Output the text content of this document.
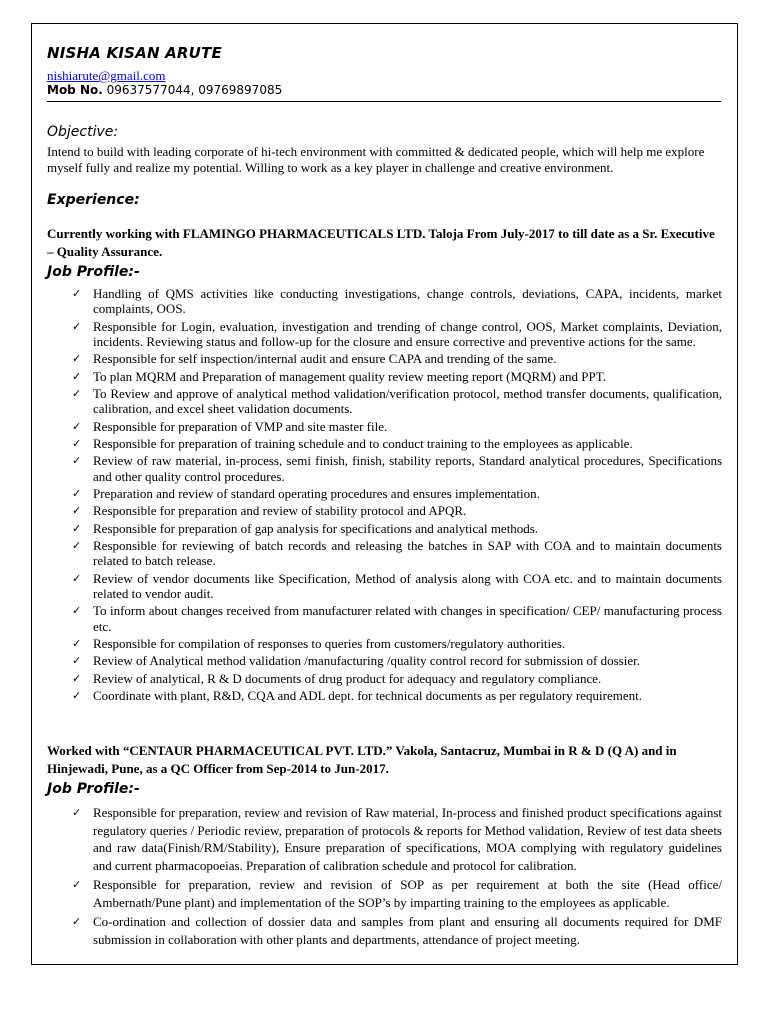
NISHA KISAN ARUTE
nishiarute@gmail.com
Mob No. 09637577044, 09769897085
Objective:
Intend to build with leading corporate of hi-tech environment with committed & dedicated people, which will help me explore myself fully and realize my potential. Willing to work as a key player in challenge and creative environment.
Experience:
Currently working with FLAMINGO PHARMACEUTICALS LTD. Taloja From July-2017 to till date as a Sr. Executive – Quality Assurance.
Job Profile:-
✓ Handling of QMS activities like conducting investigations, change controls, deviations, CAPA, incidents, market complaints, OOS.
✓ Responsible for Login, evaluation, investigation and trending of change control, OOS, Market complaints, Deviation, incidents. Reviewing status and follow-up for the closure and ensure corrective and preventive actions for the same.
✓ Responsible for self inspection/internal audit and ensure CAPA and trending of the same.
✓ To plan MQRM and Preparation of management quality review meeting report (MQRM) and PPT.
✓ To Review and approve of analytical method validation/verification protocol, method transfer documents, qualification, calibration, and excel sheet validation documents.
✓ Responsible for preparation of VMP and site master file.
✓ Responsible for preparation of training schedule and to conduct training to the employees as applicable.
✓ Review of raw material, in-process, semi finish, finish, stability reports, Standard analytical procedures, Specifications and other quality control procedures.
✓ Preparation and review of standard operating procedures and ensures implementation.
✓ Responsible for preparation and review of stability protocol and APQR.
✓ Responsible for preparation of gap analysis for specifications and analytical methods.
✓ Responsible for reviewing of batch records and releasing the batches in SAP with COA and to maintain documents related to batch release.
✓ Review of vendor documents like Specification, Method of analysis along with COA etc. and to maintain documents related to vendor audit.
✓ To inform about changes received from manufacturer related with changes in specification/ CEP/ manufacturing process etc.
✓ Responsible for compilation of responses to queries from customers/regulatory authorities.
✓ Review of Analytical method validation /manufacturing /quality control record for submission of dossier.
✓ Review of analytical, R & D documents of drug product for adequacy and regulatory compliance.
✓ Coordinate with plant, R&D, CQA and ADL dept. for technical documents as per regulatory requirement.
Worked with “CENTAUR PHARMACEUTICAL PVT. LTD.” Vakola, Santacruz, Mumbai in R & D (Q A) and in Hinjewadi, Pune, as a QC Officer from Sep-2014 to Jun-2017.
Job Profile:-
✓ Responsible for preparation, review and revision of Raw material, In-process and finished product specifications against regulatory queries / Periodic review, preparation of protocols & reports for Method validation, Review of test data sheets and raw data(Finish/RM/Stability), Ensure preparation of specifications, MOA complying with regulatory guidelines and current pharmacopoeias. Preparation of calibration schedule and protocol for calibration.
✓ Responsible for preparation, review and revision of SOP as per requirement at both the site (Head office/ Ambernath/Pune plant) and implementation of the SOP’s by imparting training to the employees as applicable.
✓ Co-ordination and collection of dossier data and samples from plant and ensuring all documents required for DMF submission in collaboration with other plants and departments, attendance of project meeting.
